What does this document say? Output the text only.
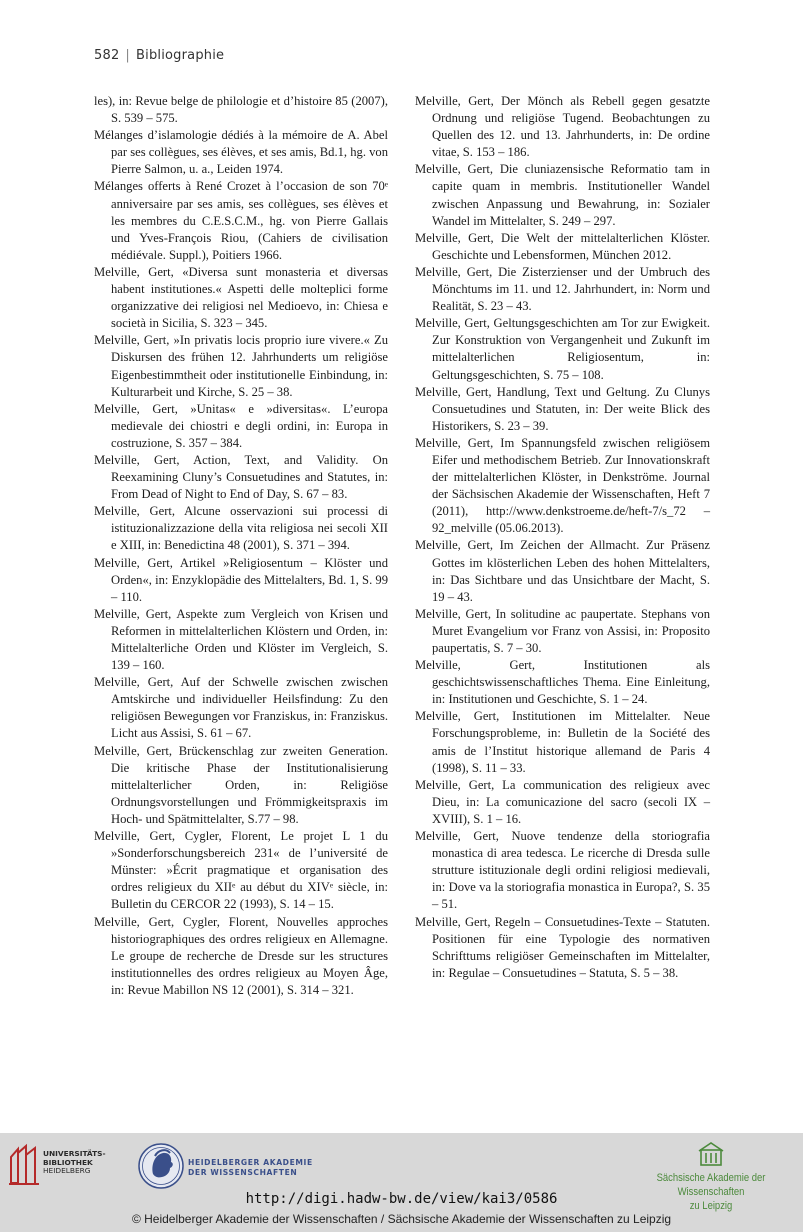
582 | Bibliographie

les), in: Revue belge de philologie et d’histoire 85 (2007), S. 539 – 575.

Mélanges d’islamologie dédiés à la mémoire de A. Abel par ses collègues, ses élèves, et ses amis, Bd.1, hg. von Pierre Salmon, u. a., Leiden 1974.

Mélanges offerts à René Crozet à l’occasion de son 70ᵉ anniversaire par ses amis, ses collègues, ses élèves et les membres du C.E.S.C.M., hg. von Pierre Gallais und Yves-François Riou, (Cahiers de civilisation médiévale. Suppl.), Poitiers 1966.

Melville, Gert, «Diversa sunt monasteria et diversas habent institutiones.« Aspetti delle molteplici forme organizzative dei religiosi nel Medioevo, in: Chiesa e società in Sicilia, S. 323 – 345.

Melville, Gert, »In privatis locis proprio iure vivere.« Zu Diskursen des frühen 12. Jahrhunderts um religiöse Eigenbestimmtheit oder institutionelle Einbindung, in: Kulturarbeit und Kirche, S. 25 – 38.

Melville, Gert, »Unitas« e »diversitas«. L’europa medievale dei chiostri e degli ordini, in: Europa in costruzione, S. 357 – 384.

Melville, Gert, Action, Text, and Validity. On Reexamining Cluny’s Consuetudines and Statutes, in: From Dead of Night to End of Day, S. 67 – 83.

Melville, Gert, Alcune osservazioni sui processi di istituzionalizzazione della vita religiosa nei secoli XII e XIII, in: Benedictina 48 (2001), S. 371 – 394.

Melville, Gert, Artikel »Religiosentum – Klöster und Orden«, in: Enzyklopädie des Mittelalters, Bd. 1, S. 99 – 110.

Melville, Gert, Aspekte zum Vergleich von Krisen und Reformen in mittelalterlichen Klöstern und Orden, in: Mittelalterliche Orden und Klöster im Vergleich, S. 139 – 160.

Melville, Gert, Auf der Schwelle zwischen zwischen Amtskirche und individueller Heilsfindung: Zu den religiösen Bewegungen vor Franziskus, in: Franziskus. Licht aus Assisi, S. 61 – 67.

Melville, Gert, Brückenschlag zur zweiten Generation. Die kritische Phase der Institutionalisierung mittelalterlicher Orden, in: Religiöse Ordnungsvorstellungen und Frömmigkeitspraxis im Hoch- und Spätmittelalter, S.77 – 98.

Melville, Gert, Cygler, Florent, Le projet L 1 du »Sonderforschungsbereich 231« de l’université de Münster: »Écrit pragmatique et organisation des ordres religieux du XIIᵉ au début du XIVᵉ siècle, in: Bulletin du CERCOR 22 (1993), S. 14 – 15.

Melville, Gert, Cygler, Florent, Nouvelles approches historiographiques des ordres religieux en Allemagne. Le groupe de recherche de Dresde sur les structures institutionnelles des ordres religieux au Moyen Âge, in: Revue Mabillon NS 12 (2001), S. 314 – 321.

Melville, Gert, Der Mönch als Rebell gegen gesatzte Ordnung und religiöse Tugend. Beobachtungen zu Quellen des 12. und 13. Jahrhunderts, in: De ordine vitae, S. 153 – 186.

Melville, Gert, Die cluniazensische Reformatio tam in capite quam in membris. Institutioneller Wandel zwischen Anpassung und Bewahrung, in: Sozialer Wandel im Mittelalter, S. 249 – 297.

Melville, Gert, Die Welt der mittelalterlichen Klöster. Geschichte und Lebensformen, München 2012.

Melville, Gert, Die Zisterzienser und der Umbruch des Mönchtums im 11. und 12. Jahrhundert, in: Norm und Realität, S. 23 – 43.

Melville, Gert, Geltungsgeschichten am Tor zur Ewigkeit. Zur Konstruktion von Vergangenheit und Zukunft im mittelalterlichen Religiosentum, in: Geltungsgeschichten, S. 75 – 108.

Melville, Gert, Handlung, Text und Geltung. Zu Clunys Consuetudines und Statuten, in: Der weite Blick des Historikers, S. 23 – 39.

Melville, Gert, Im Spannungsfeld zwischen religiösem Eifer und methodischem Betrieb. Zur Innovationskraft der mittelalterlichen Klöster, in Denkströme. Journal der Sächsischen Akademie der Wissenschaften, Heft 7 (2011), http://www.denkstroeme.de/heft-7/s_72 – 92_melville (05.06.2013).

Melville, Gert, Im Zeichen der Allmacht. Zur Präsenz Gottes im klösterlichen Leben des hohen Mittelalters, in: Das Sichtbare und das Unsichtbare der Macht, S. 19 – 43.

Melville, Gert, In solitudine ac paupertate. Stephans von Muret Evangelium vor Franz von Assisi, in: Proposito paupertatis, S. 7 – 30.

Melville, Gert, Institutionen als geschichtswissenschaftliches Thema. Eine Einleitung, in: Institutionen und Geschichte, S. 1 – 24.

Melville, Gert, Institutionen im Mittelalter. Neue Forschungsprobleme, in: Bulletin de la Société des amis de l’Institut historique allemand de Paris 4 (1998), S. 11 – 33.

Melville, Gert, La communication des religieux avec Dieu, in: La comunicazione del sacro (secoli IX – XVIII), S. 1 – 16.

Melville, Gert, Nuove tendenze della storiografia monastica di area tedesca. Le ricerche di Dresda sulle strutture istituzionale degli ordini religiosi medievali, in: Dove va la storiografia monastica in Europa?, S. 35 – 51.

Melville, Gert, Regeln – Consuetudines-Texte – Statuten. Positionen für eine Typologie des normativen Schrifttums religiöser Gemeinschaften im Mittelalter, in: Regulae – Consuetudines – Statuta, S. 5 – 38.

UNIVERSITÄTS-
BIBLIOTHEK
HEIDELBERG
HEIDELBERGER AKADEMIE
DER WISSENSCHAFTEN	Sächsische Akademie der Wissenschaften
zu Leipzig
http://digi.hadw-bw.de/view/kai3/0586
© Heidelberger Akademie der Wissenschaften / Sächsische Akademie der Wissenschaften zu Leipzig
